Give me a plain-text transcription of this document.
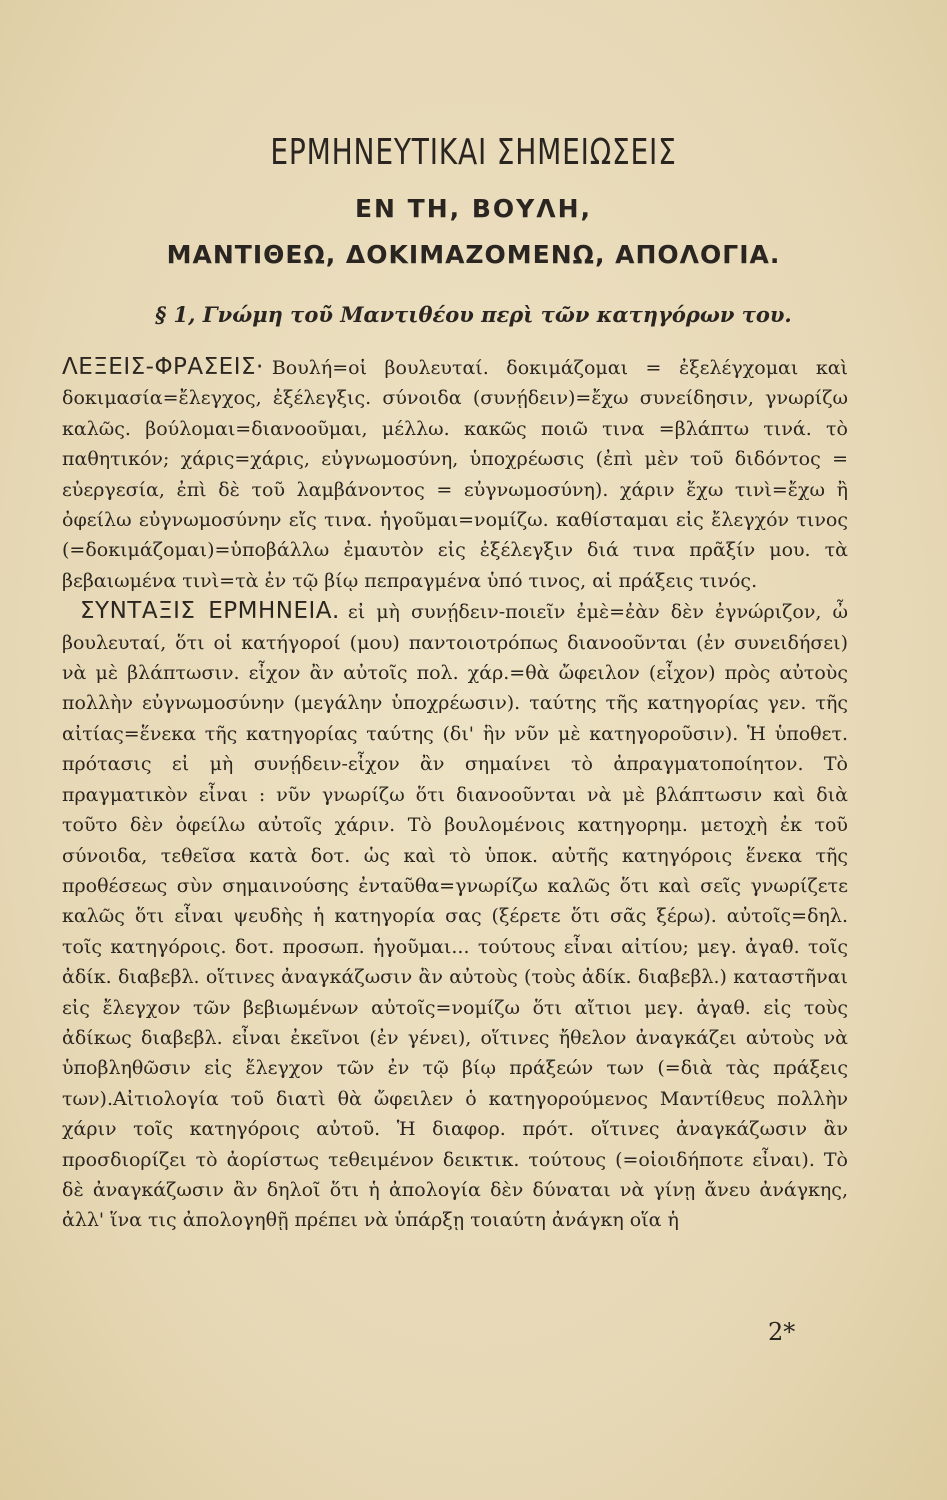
ΕΡΜΗΝΕΥΤΙΚΑΙ ΣΗΜΕΙΩΣΕΙΣ
ΕΝ ΤΗ, ΒΟΥΛΗ,
ΜΑΝΤΙΘΕΩ, ΔΟΚΙΜΑΖΟΜΕΝΩ, ΑΠΟΛΟΓΙΑ.
§ 1, Γνώμη τοῦ Μαντιθέου περὶ τῶν κατηγόρων του.

ΛΕΞΕΙΣ-ΦΡΑΣΕΙΣ· Βουλή=οἱ βουλευταί. δοκιμάζομαι = ἐξελέγχομαι καὶ δοκιμασία=ἔλεγχος, ἐξέλεγξις. σύνοιδα (συνῄδειν)=ἔχω συνείδησιν, γνωρίζω καλῶς. βούλομαι=διανοοῦμαι, μέλλω. κακῶς ποιῶ τινα =βλάπτω τινά. τὸ παθητικόν; χάρις=χάρις, εὐγνωμοσύνη, ὑποχρέωσις (ἐπὶ μὲν τοῦ διδόντος = εὐεργεσία, ἐπὶ δὲ τοῦ λαμβάνοντος = εὐγνωμοσύνη). χάριν ἔχω τινὶ=ἔχω ἢ ὀφείλω εὐγνωμοσύνην εἴς τινα. ἡγοῦμαι=νομίζω. καθίσταμαι εἰς ἔλεγχόν τινος (=δοκιμάζομαι)=ὑποβάλλω ἐμαυτὸν εἰς ἐξέλεγξιν διά τινα πρᾶξίν μου. τὰ βεβαιωμένα τινὶ=τὰ ἐν τῷ βίῳ πεπραγμένα ὑπό τινος, αἱ πράξεις τινός.

ΣΥΝΤΑΞΙΣ ΕΡΜΗΝΕΙΑ. εἰ μὴ συνῄδειν-ποιεῖν ἐμὲ=ἐὰν δὲν ἐγνώριζον, ὦ βουλευταί, ὅτι οἱ κατήγοροί (μου) παντοιοτρόπως διανοοῦνται (ἐν συνειδήσει) νὰ μὲ βλάπτωσιν. εἶχον ἂν αὐτοῖς πολ. χάρ.=θὰ ὤφειλον (εἶχον) πρὸς αὐτοὺς πολλὴν εὐγνωμοσύνην (μεγάλην ὑποχρέωσιν). ταύτης τῆς κατηγορίας γεν. τῆς αἰτίας=ἕνεκα τῆς κατηγορίας ταύτης (δι' ἣν νῦν μὲ κατηγοροῦσιν). Ἡ ὑποθετ. πρότασις εἰ μὴ συνῄδειν-εἶχον ἂν σημαίνει τὸ ἀπραγματοποίητον. Τὸ πραγματικὸν εἶναι : νῦν γνωρίζω ὅτι διανοοῦνται νὰ μὲ βλάπτωσιν καὶ διὰ τοῦτο δὲν ὀφείλω αὐτοῖς χάριν. Τὸ βουλομένοις κατηγορημ. μετοχὴ ἐκ τοῦ σύνοιδα, τεθεῖσα κατὰ δοτ. ὡς καὶ τὸ ὑποκ. αὐτῆς κατηγόροις ἕνεκα τῆς προθέσεως σὺν σημαινούσης ἐνταῦθα=γνωρίζω καλῶς ὅτι καὶ σεῖς γνωρίζετε καλῶς ὅτι εἶναι ψευδὴς ἡ κατηγορία σας (ξέρετε ὅτι σᾶς ξέρω). αὐτοῖς=δηλ. τοῖς κατηγόροις. δοτ. προσωπ. ἡγοῦμαι... τούτους εἶναι αἰτίου; μεγ. ἀγαθ. τοῖς ἀδίκ. διαβεβλ. οἵτινες ἀναγκάζωσιν ἂν αὐτοὺς (τοὺς ἀδίκ. διαβεβλ.) καταστῆναι εἰς ἔλεγχον τῶν βεβιωμένων αὐτοῖς=νομίζω ὅτι αἴτιοι μεγ. ἀγαθ. εἰς τοὺς ἀδίκως διαβεβλ. εἶναι ἐκεῖνοι (ἐν γένει), οἵτινες ἤθελον ἀναγκάζει αὐτοὺς νὰ ὑποβληθῶσιν εἰς ἔλεγχον τῶν ἐν τῷ βίῳ πράξεών των (=διὰ τὰς πράξεις των).Αἰτιολογία τοῦ διατὶ θὰ ὤφειλεν ὁ κατηγορούμενος Μαντίθευς πολλὴν χάριν τοῖς κατηγόροις αὐτοῦ. Ἡ διαφορ. πρότ. οἵτινες ἀναγκάζωσιν ἂν προσδιορίζει τὸ ἀορίστως τεθειμένον δεικτικ. τούτους (=οἱοιδήποτε εἶναι). Τὸ δὲ ἀναγκάζωσιν ἂν δηλοῖ ὅτι ἡ ἀπολογία δὲν δύναται νὰ γίνῃ ἄνευ ἀνάγκης, ἀλλ' ἵνα τις ἀπολογηθῇ πρέπει νὰ ὑπάρξῃ τοιαύτη ἀνάγκη οἵα ἡ

2*
